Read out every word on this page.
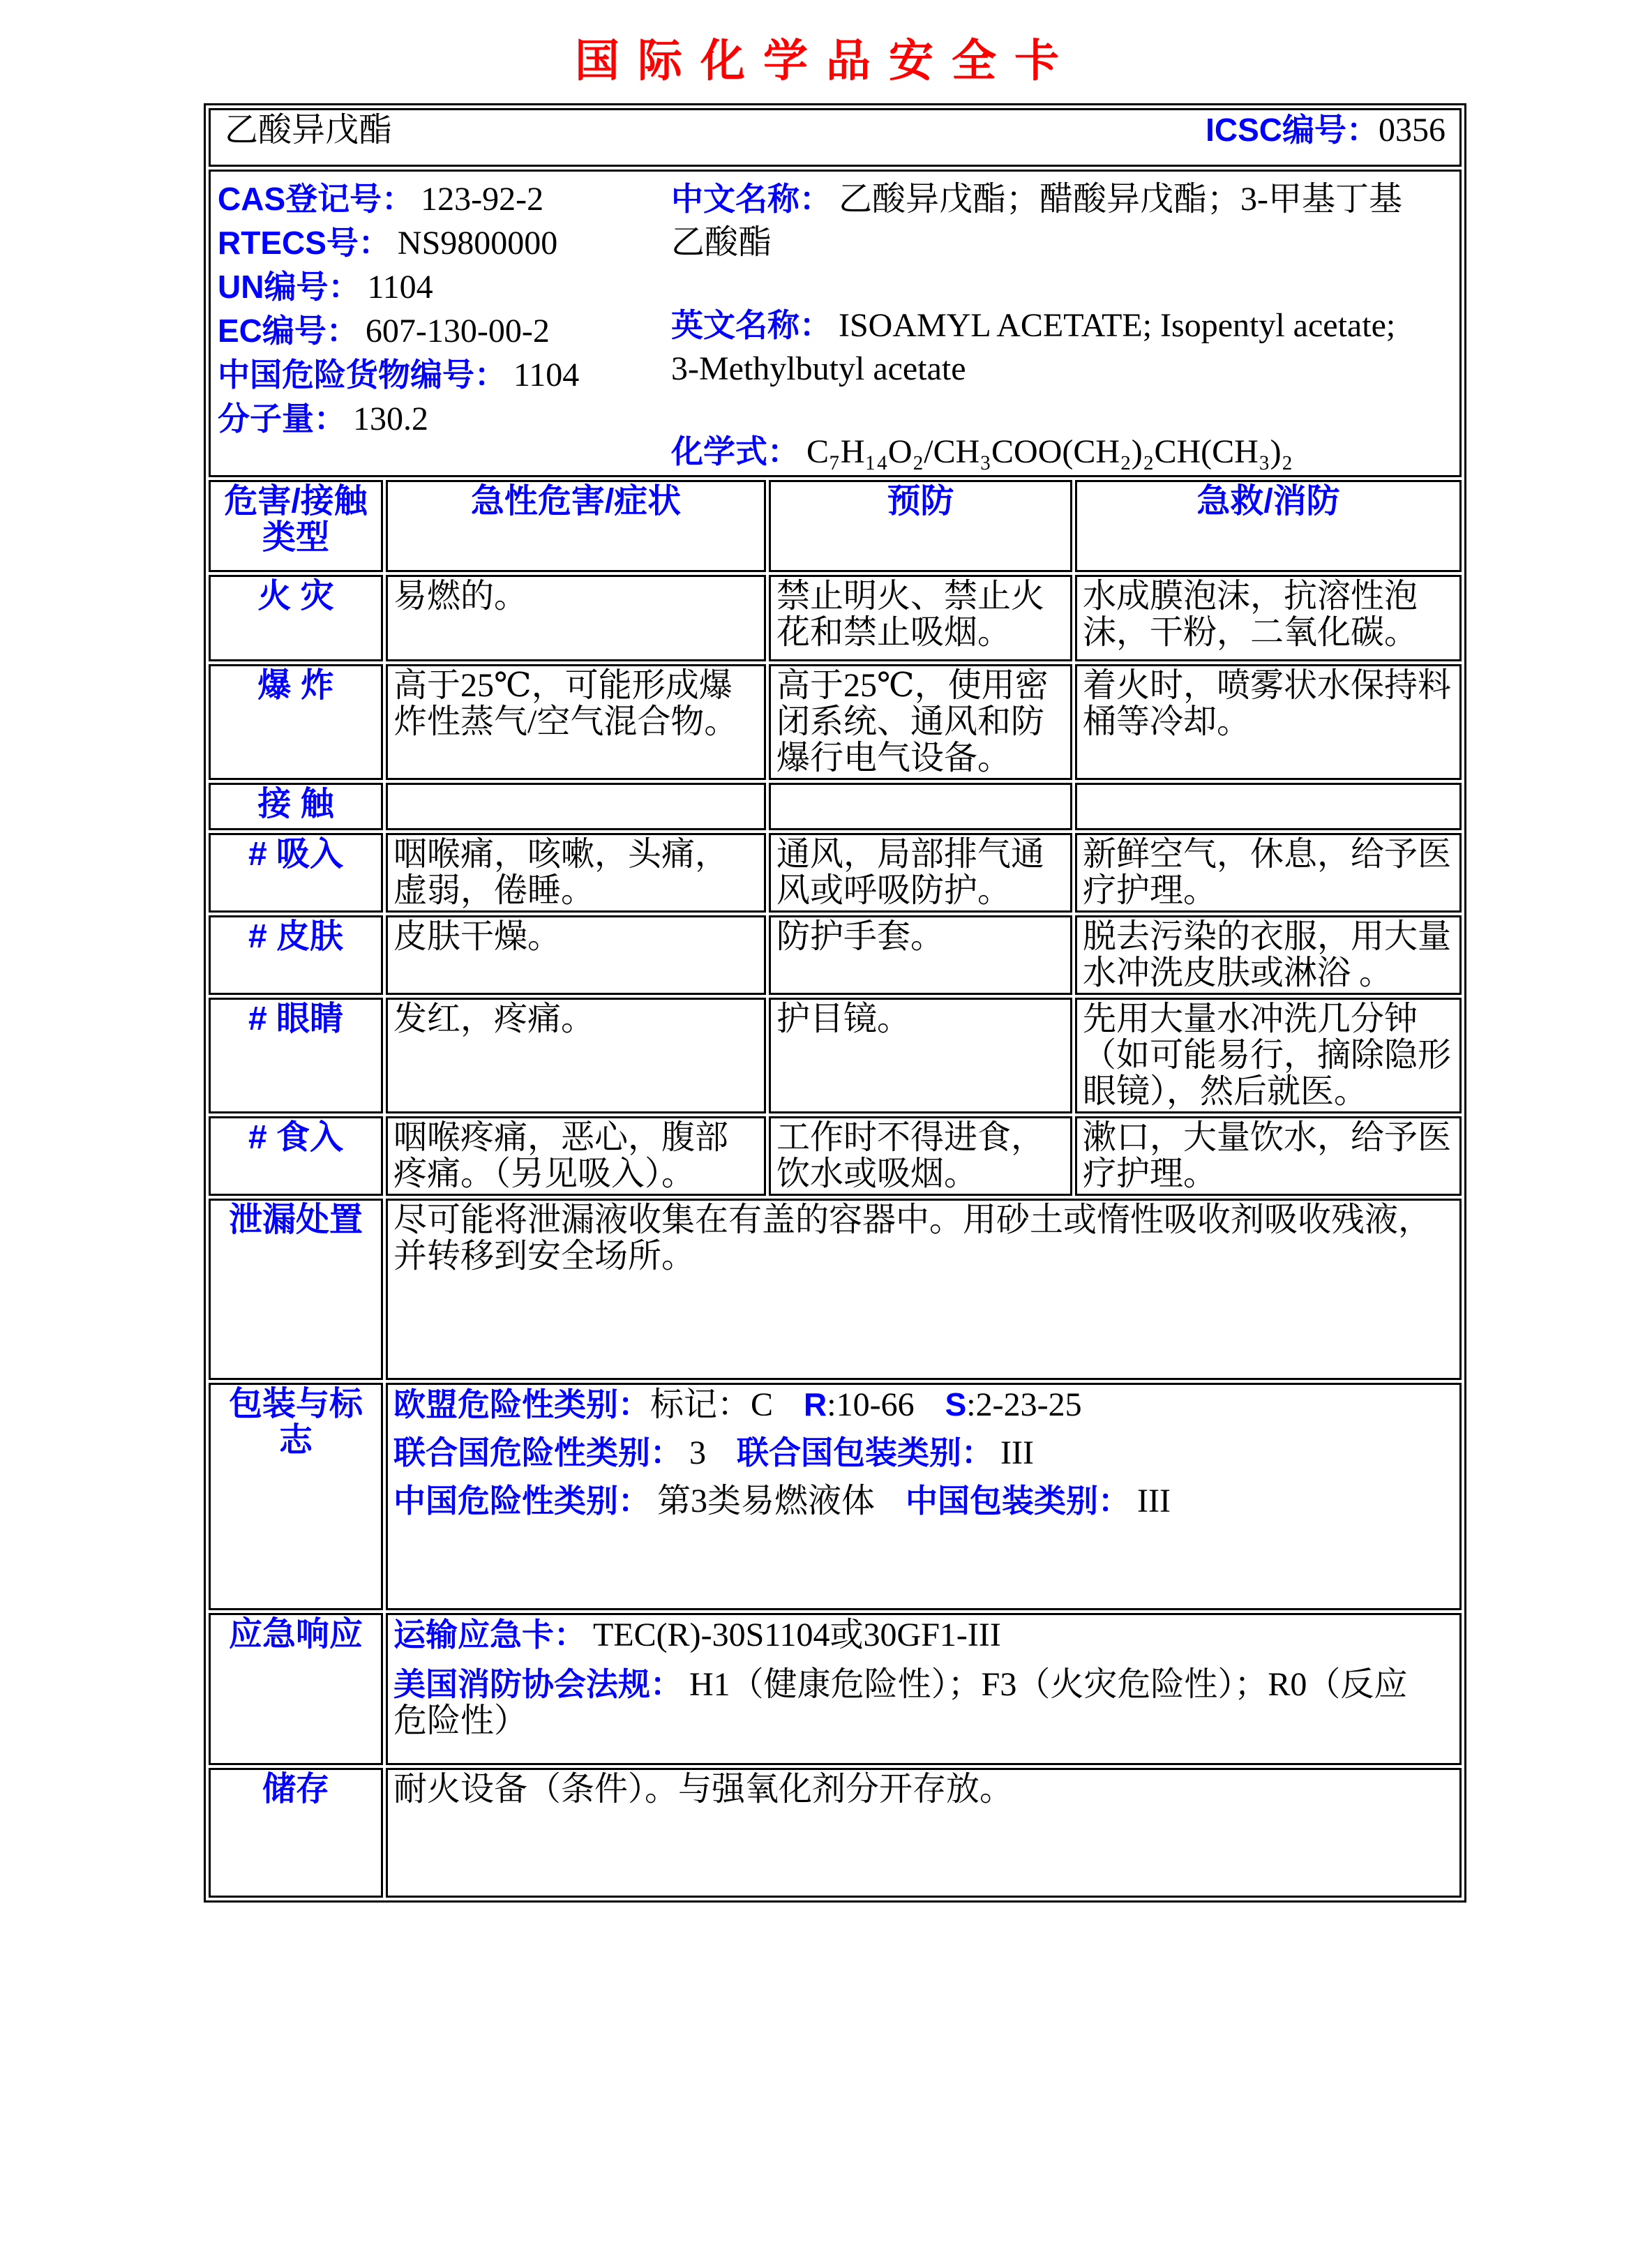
国际化学品安全卡
乙酸异戊酯 ICSC编号：0356			

CAS登记号： 123-92-2
RTECS号： NS9800000
UN编号： 1104
EC编号： 607-130-00-2
中国危险货物编号： 1104
分子量： 130.2
中文名称： 乙酸异戊酯；醋酸异戊酯；3-甲基丁基乙酸酯
英文名称： ISOAMYL ACETATE; Isopentyl acetate; 3-Methylbutyl acetate
化学式： C₇H₁₄O₂/CH₃COO(CH₂)₂CH(CH₃)₂

危害/接触
类型	急性危害/症状	预防	急救/消防
火 灾	易燃的。	禁止明火、禁止火花和禁止吸烟。	水成膜泡沫，抗溶性泡沫，干粉，二氧化碳。
爆 炸	高于25℃，可能形成爆炸性蒸气/空气混合物。	高于25℃，使用密闭系统、通风和防爆行电气设备。	着火时，喷雾状水保持料桶等冷却。
接 触			
# 吸入	咽喉痛，咳嗽，头痛，虚弱，倦睡。	通风，局部排气通风或呼吸防护。	新鲜空气，休息，给予医疗护理。
# 皮肤	皮肤干燥。	防护手套。	脱去污染的衣服，用大量水冲洗皮肤或淋浴 。
# 眼睛	发红，疼痛。	护目镜。	先用大量水冲洗几分钟（如可能易行，摘除隐形眼镜），然后就医。
# 食入	咽喉疼痛，恶心，腹部疼痛。（另见吸入）。	工作时不得进食，饮水或吸烟。	漱口，大量饮水，给予医疗护理。
泄漏处置	尽可能将泄漏液收集在有盖的容器中。用砂土或惰性吸收剂吸收残液，并转移到安全场所。		
包装与标志	欧盟危险性类别：标记：C R:10-66 S:2-23-25
联合国危险性类别： 3 联合国包装类别： III
中国危险性类别： 第3类易燃液体 中国包装类别： III		

应急响应	运输应急卡： TEC(R)-30S1104或30GF1-III
美国消防协会法规： H1（健康危险性）；F3（火灾危险性）；R0（反应危险性）		

储存	耐火设备（条件）。与强氧化剂分开存放。		
